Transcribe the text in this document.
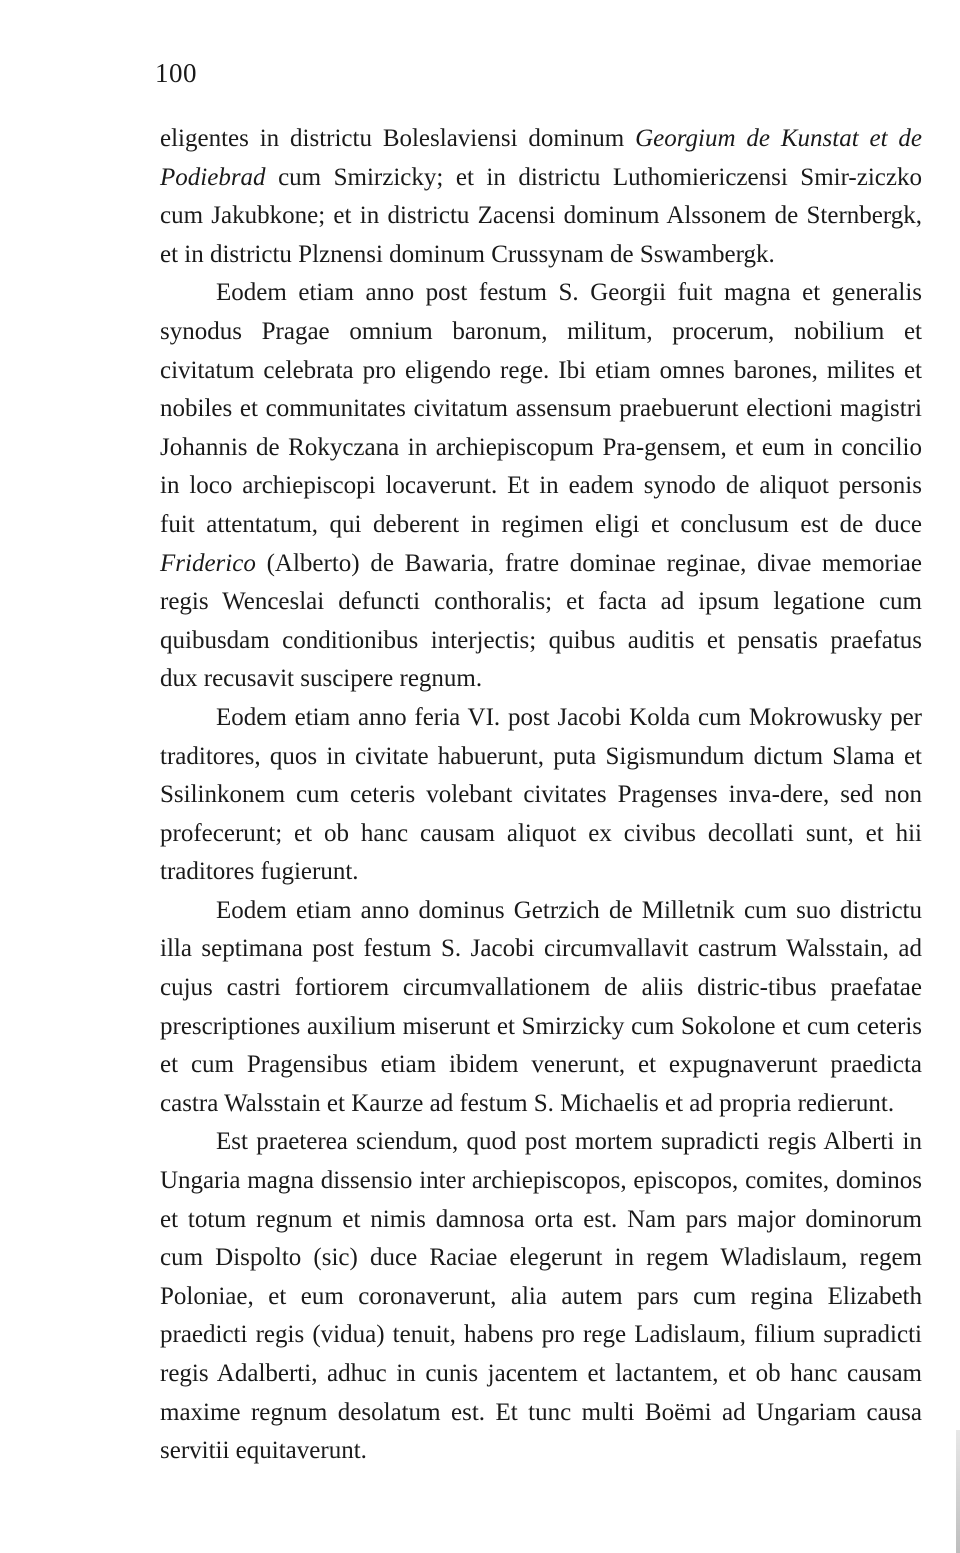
100

eligentes in districtu Boleslaviensi dominum Georgium de Kunstat et de Podiebrad cum Smirzicky; et in districtu Luthomiericzensi Smir-ziczko cum Jakubkone; et in districtu Zacensi dominum Alssonem de Sternbergk, et in districtu Plznensi dominum Crussynam de Sswambergk.

Eodem etiam anno post festum S. Georgii fuit magna et generalis synodus Pragae omnium baronum, militum, procerum, nobilium et civitatum celebrata pro eligendo rege. Ibi etiam omnes barones, milites et nobiles et communitates civitatum assensum praebuerunt electioni magistri Johannis de Rokyczana in archiepiscopum Pra-gensem, et eum in concilio in loco archiepiscopi locaverunt. Et in eadem synodo de aliquot personis fuit attentatum, qui deberent in regimen eligi et conclusum est de duce Friderico (Alberto) de Bawaria, fratre dominae reginae, divae memoriae regis Wenceslai defuncti conthoralis; et facta ad ipsum legatione cum quibusdam conditionibus interjectis; quibus auditis et pensatis praefatus dux recusavit suscipere regnum.

Eodem etiam anno feria VI. post Jacobi Kolda cum Mokrowusky per traditores, quos in civitate habuerunt, puta Sigismundum dictum Slama et Ssilinkonem cum ceteris volebant civitates Pragenses inva-dere, sed non profecerunt; et ob hanc causam aliquot ex civibus decollati sunt, et hii traditores fugierunt.

Eodem etiam anno dominus Getrzich de Milletnik cum suo districtu illa septimana post festum S. Jacobi circumvallavit castrum Walsstain, ad cujus castri fortiorem circumvallationem de aliis distric-tibus praefatae prescriptiones auxilium miserunt et Smirzicky cum Sokolone et cum ceteris et cum Pragensibus etiam ibidem venerunt, et expugnaverunt praedicta castra Walsstain et Kaurze ad festum S. Michaelis et ad propria redierunt.

Est praeterea sciendum, quod post mortem supradicti regis Alberti in Ungaria magna dissensio inter archiepiscopos, episcopos, comites, dominos et totum regnum et nimis damnosa orta est. Nam pars major dominorum cum Dispolto (sic) duce Raciae elegerunt in regem Wladislaum, regem Poloniae, et eum coronaverunt, alia autem pars cum regina Elizabeth praedicti regis (vidua) tenuit, habens pro rege Ladislaum, filium supradicti regis Adalberti, adhuc in cunis jacentem et lactantem, et ob hanc causam maxime regnum desolatum est. Et tunc multi Boëmi ad Ungariam causa servitii equitaverunt.
